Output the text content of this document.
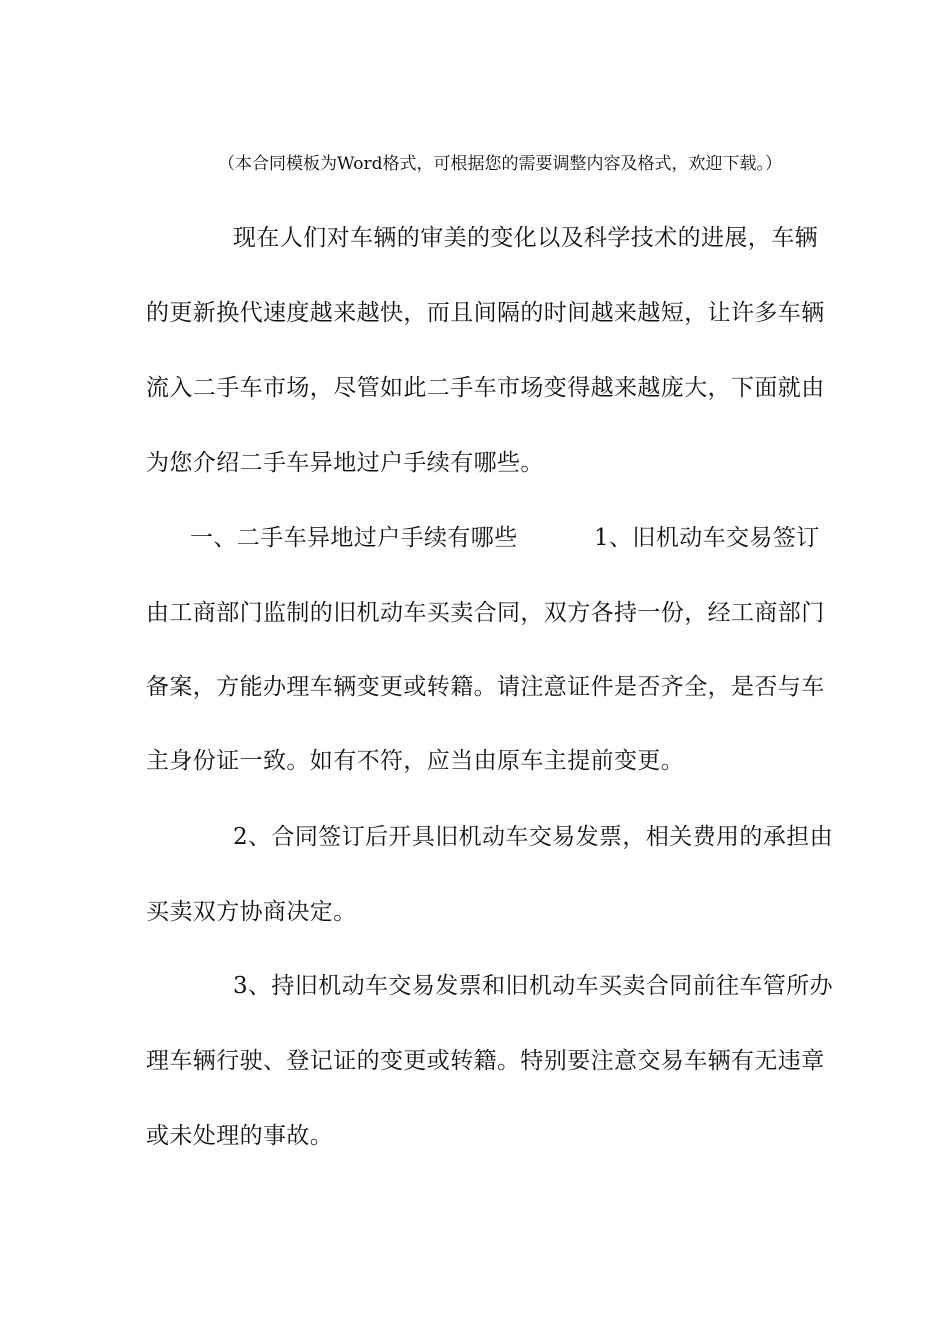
（本合同模板为Word格式，可根据您的需要调整内容及格式，欢迎下载。）
现在人们对车辆的审美的变化以及科学技术的进展，车辆
的更新换代速度越来越快，而且间隔的时间越来越短，让许多车辆
流入二手车市场，尽管如此二手车市场变得越来越庞大，下面就由
为您介绍二手车异地过户手续有哪些。
一、二手车异地过户手续有哪些	1、旧机动车交易签订
由工商部门监制的旧机动车买卖合同，双方各持一份，经工商部门
备案，方能办理车辆变更或转籍。请注意证件是否齐全，是否与车
主身份证一致。如有不符，应当由原车主提前变更。
2、合同签订后开具旧机动车交易发票，相关费用的承担由
买卖双方协商决定。
3、持旧机动车交易发票和旧机动车买卖合同前往车管所办
理车辆行驶、登记证的变更或转籍。特别要注意交易车辆有无违章
或未处理的事故。
